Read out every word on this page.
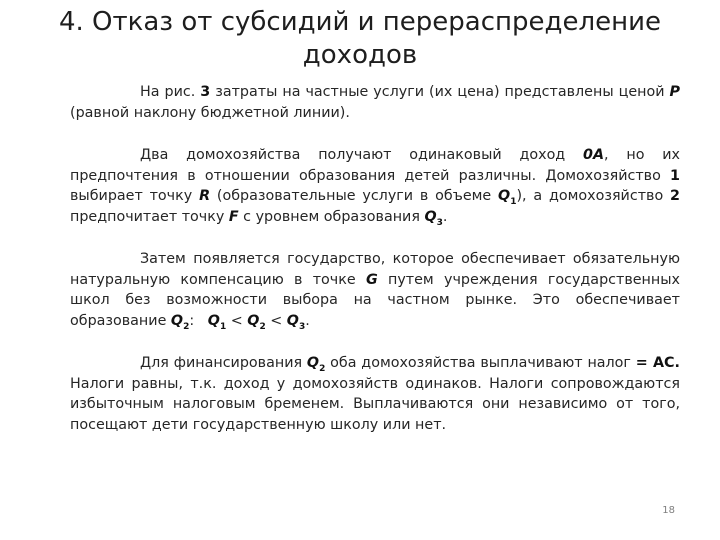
4. Отказ от субсидий и перераспределение доходов

На рис. 3 затраты на частные услуги (их цена) представлены ценой P (равной наклону бюджетной линии).

Два домохозяйства получают одинаковый доход 0A, но их предпочтения в отношении образования детей различны. Домохозяйство 1 выбирает точку R (образовательные услуги в объеме $Q_1$), а домохозяйство 2 предпочитает точку F с уровнем образования $Q_3$.

Затем появляется государство, которое обеспечивает обязательную натуральную компенсацию в точке G путем учреждения государственных школ без возможности выбора на частном рынке. Это обеспечивает образование $Q_2$:   $Q_1 < Q_2 < Q_3$.

Для финансирования $Q_2$ оба домохозяйства выплачивают налог = AC. Налоги равны, т.к. доход у домохозяйств одинаков. Налоги сопровождаются избыточным налоговым бременем. Выплачиваются они независимо от того, посещают дети государственную школу или нет.

18
